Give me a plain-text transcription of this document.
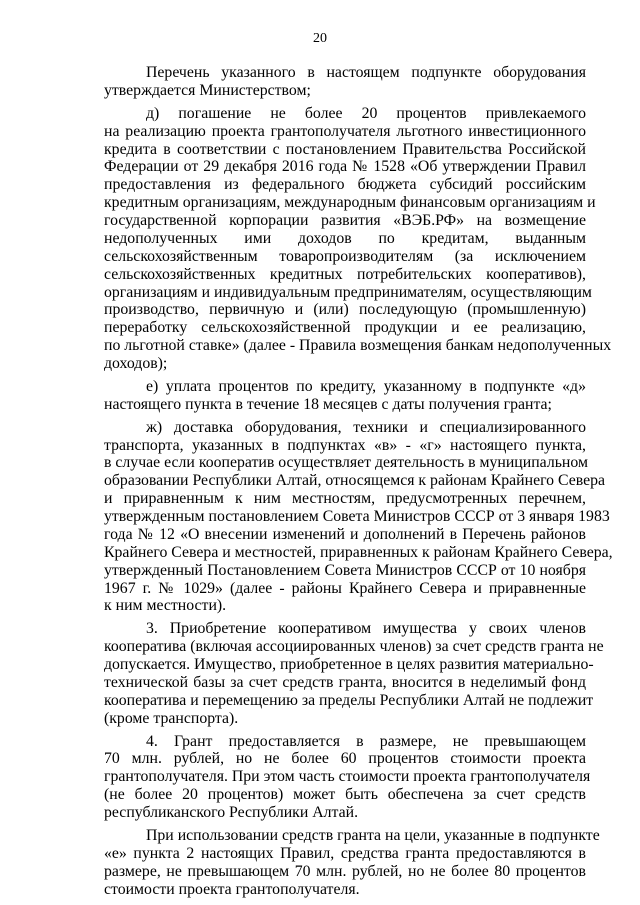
20
Перечень указанного в настоящем подпункте оборудования
утверждается Министерством;
д) погашение не более 20 процентов привлекаемого
на реализацию проекта грантополучателя льготного инвестиционного
кредита в соответствии с постановлением Правительства Российской
Федерации от 29 декабря 2016 года № 1528 «Об утверждении Правил
предоставления из федерального бюджета субсидий российским
кредитным организациям, международным финансовым организациям и
государственной корпорации развития «ВЭБ.РФ» на возмещение
недополученных ими доходов по кредитам, выданным
сельскохозяйственным товаропроизводителям (за исключением
сельскохозяйственных кредитных потребительских кооперативов),
организациям и индивидуальным предпринимателям, осуществляющим
производство, первичную и (или) последующую (промышленную)
переработку сельскохозяйственной продукции и ее реализацию,
по льготной ставке» (далее - Правила возмещения банкам недополученных
доходов);
е) уплата процентов по кредиту, указанному в подпункте «д»
настоящего пункта в течение 18 месяцев с даты получения гранта;
ж) доставка оборудования, техники и специализированного
транспорта, указанных в подпунктах «в» - «г» настоящего пункта,
в случае если кооператив осуществляет деятельность в муниципальном
образовании Республики Алтай, относящемся к районам Крайнего Севера
и приравненным к ним местностям, предусмотренных перечнем,
утвержденным постановлением Совета Министров СССР от 3 января 1983
года № 12 «О внесении изменений и дополнений в Перечень районов
Крайнего Севера и местностей, приравненных к районам Крайнего Севера,
утвержденный Постановлением Совета Министров СССР от 10 ноября
1967 г. № 1029» (далее - районы Крайнего Севера и приравненные
к ним местности).
3. Приобретение кооперативом имущества у своих членов
кооператива (включая ассоциированных членов) за счет средств гранта не
допускается. Имущество, приобретенное в целях развития материально-
технической базы за счет средств гранта, вносится в неделимый фонд
кооператива и перемещению за пределы Республики Алтай не подлежит
(кроме транспорта).
4. Грант предоставляется в размере, не превышающем
70 млн. рублей, но не более 60 процентов стоимости проекта
грантополучателя. При этом часть стоимости проекта грантополучателя
(не более 20 процентов) может быть обеспечена за счет средств
республиканского Республики Алтай.
При использовании средств гранта на цели, указанные в подпункте
«е» пункта 2 настоящих Правил, средства гранта предоставляются в
размере, не превышающем 70 млн. рублей, но не более 80 процентов
стоимости проекта грантополучателя.
